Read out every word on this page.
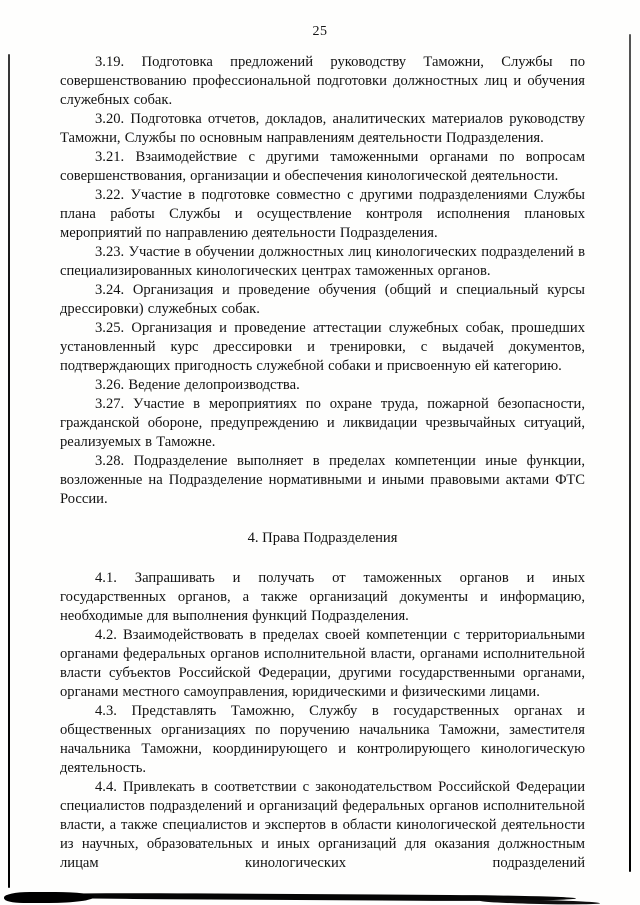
25

3.19. Подготовка предложений руководству Таможни, Службы по совершенствованию профессиональной подготовки должностных лиц и обучения служебных собак.

3.20. Подготовка отчетов, докладов, аналитических материалов руководству Таможни, Службы по основным направлениям деятельности Подразделения.

3.21. Взаимодействие с другими таможенными органами по вопросам совершенствования, организации и обеспечения кинологической деятельности.

3.22. Участие в подготовке совместно с другими подразделениями Службы плана работы Службы и осуществление контроля исполнения плановых мероприятий по направлению деятельности Подразделения.

3.23. Участие в обучении должностных лиц кинологических подразделений в специализированных кинологических центрах таможенных органов.

3.24. Организация и проведение обучения (общий и специальный курсы дрессировки) служебных собак.

3.25. Организация и проведение аттестации служебных собак, прошедших установленный курс дрессировки и тренировки, с выдачей документов, подтверждающих пригодность служебной собаки и присвоенную ей категорию.

3.26. Ведение делопроизводства.

3.27. Участие в мероприятиях по охране труда, пожарной безопасности, гражданской обороне, предупреждению и ликвидации чрезвычайных ситуаций, реализуемых в Таможне.

3.28. Подразделение выполняет в пределах компетенции иные функции, возложенные на Подразделение нормативными и иными правовыми актами ФТС России.

4. Права Подразделения

4.1. Запрашивать и получать от таможенных органов и иных государственных органов, а также организаций документы и информацию, необходимые для выполнения функций Подразделения.

4.2. Взаимодействовать в пределах своей компетенции с территориальными органами федеральных органов исполнительной власти, органами исполнительной власти субъектов Российской Федерации, другими государственными органами, органами местного самоуправления, юридическими и физическими лицами.

4.3. Представлять Таможню, Службу в государственных органах и общественных организациях по поручению начальника Таможни, заместителя начальника Таможни, координирующего и контролирующего кинологическую деятельность.

4.4. Привлекать в соответствии с законодательством Российской Федерации специалистов подразделений и организаций федеральных органов исполнительной власти, а также специалистов и экспертов в области кинологической деятельности из научных, образовательных и иных организаций для оказания должностным лицам кинологических подразделений
